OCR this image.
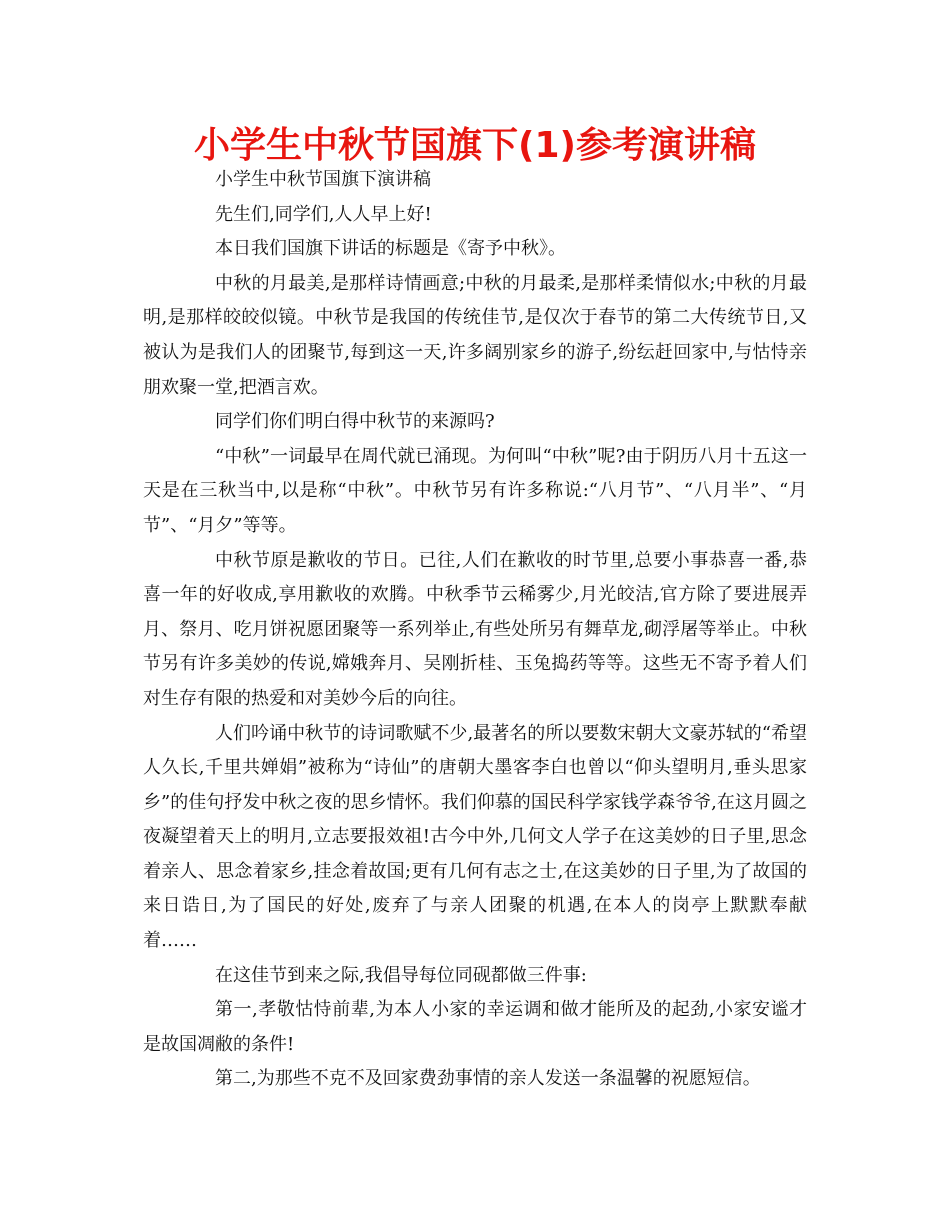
小学生中秋节国旗下(1)参考演讲稿

小学生中秋节国旗下演讲稿

先生们,同学们,人人早上好!

本日我们国旗下讲话的标题是《寄予中秋》。

中秋的月最美,是那样诗情画意;中秋的月最柔,是那样柔情似水;中秋的月最明,是那样皎皎似镜。中秋节是我国的传统佳节,是仅次于春节的第二大传统节日,又被认为是我们人的团聚节,每到这一天,许多阔别家乡的游子,纷纭赶回家中,与怙恃亲朋欢聚一堂,把酒言欢。

同学们你们明白得中秋节的来源吗?

“中秋”一词最早在周代就已涌现。为何叫“中秋”呢?由于阴历八月十五这一天是在三秋当中,以是称“中秋”。中秋节另有许多称说:“八月节”、“八月半”、“月节”、“月夕”等等。

中秋节原是歉收的节日。已往,人们在歉收的时节里,总要小事恭喜一番,恭喜一年的好收成,享用歉收的欢腾。中秋季节云稀雾少,月光皎洁,官方除了要进展弄月、祭月、吃月饼祝愿团聚等一系列举止,有些处所另有舞草龙,砌浮屠等举止。中秋节另有许多美妙的传说,嫦娥奔月、吴刚折桂、玉兔捣药等等。这些无不寄予着人们对生存有限的热爱和对美妙今后的向往。

人们吟诵中秋节的诗词歌赋不少,最著名的所以要数宋朝大文豪苏轼的“希望人久长,千里共婵娟”被称为“诗仙”的唐朝大墨客李白也曾以“仰头望明月,垂头思家乡”的佳句抒发中秋之夜的思乡情怀。我们仰慕的国民科学家钱学森爷爷,在这月圆之夜凝望着天上的明月,立志要报效祖!古今中外,几何文人学子在这美妙的日子里,思念着亲人、思念着家乡,挂念着故国;更有几何有志之士,在这美妙的日子里,为了故国的来日诰日,为了国民的好处,废弃了与亲人团聚的机遇,在本人的岗亭上默默奉献着……

在这佳节到来之际,我倡导每位同砚都做三件事:

第一,孝敬怙恃前辈,为本人小家的幸运调和做才能所及的起劲,小家安谧才是故国凋敝的条件!

第二,为那些不克不及回家费劲事情的亲人发送一条温馨的祝愿短信。
